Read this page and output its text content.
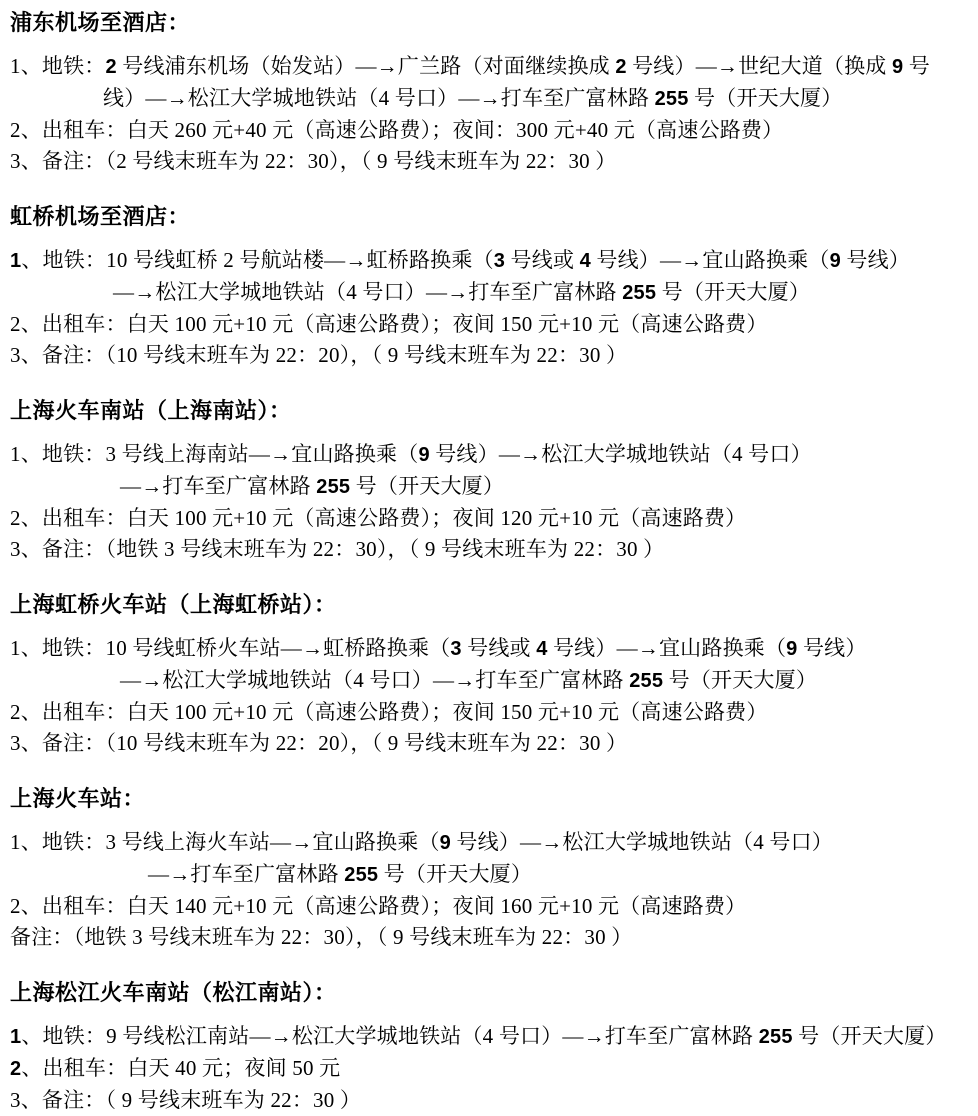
浦东机场至酒店：
1、地铁：2 号线浦东机场（始发站）—→广兰路（对面继续换成 2 号线）—→世纪大道（换成 9 号
线）—→松江大学城地铁站（4 号口）—→打车至广富林路 255 号（开天大厦）
2、出租车：白天 260 元+40 元（高速公路费）；夜间：300 元+40 元（高速公路费）
3、备注：（2 号线末班车为 22：30），（ 9 号线末班车为 22：30 ）
虹桥机场至酒店：
1、地铁：10 号线虹桥 2 号航站楼—→虹桥路换乘（3 号线或 4 号线）—→宜山路换乘（9 号线）
—→松江大学城地铁站（4 号口）—→打车至广富林路 255 号（开天大厦）
2、出租车：白天 100 元+10 元（高速公路费）；夜间 150 元+10 元（高速公路费）
3、备注：（10 号线末班车为 22：20），（ 9 号线末班车为 22：30 ）
上海火车南站（上海南站）：
1、地铁：3 号线上海南站—→宜山路换乘（9 号线）—→松江大学城地铁站（4 号口）
—→打车至广富林路 255 号（开天大厦）
2、出租车：白天 100 元+10 元（高速公路费）；夜间 120 元+10 元（高速路费）
3、备注：（地铁 3 号线末班车为 22：30），（ 9 号线末班车为 22：30 ）
上海虹桥火车站（上海虹桥站）：
1、地铁：10 号线虹桥火车站—→虹桥路换乘（3 号线或 4 号线）—→宜山路换乘（9 号线）
—→松江大学城地铁站（4 号口）—→打车至广富林路 255 号（开天大厦）
2、出租车：白天 100 元+10 元（高速公路费）；夜间 150 元+10 元（高速公路费）
3、备注：（10 号线末班车为 22：20），（ 9 号线末班车为 22：30 ）
上海火车站：
1、地铁：3 号线上海火车站—→宜山路换乘（9 号线）—→松江大学城地铁站（4 号口）
—→打车至广富林路 255 号（开天大厦）
2、出租车：白天 140 元+10 元（高速公路费）；夜间 160 元+10 元（高速路费）
备注：（地铁 3 号线末班车为 22：30），（ 9 号线末班车为 22：30 ）
上海松江火车南站（松江南站）：
1、地铁：9 号线松江南站—→松江大学城地铁站（4 号口）—→打车至广富林路 255 号（开天大厦）
2、出租车：白天 40 元；夜间 50 元
3、备注：（ 9 号线末班车为 22：30 ）
